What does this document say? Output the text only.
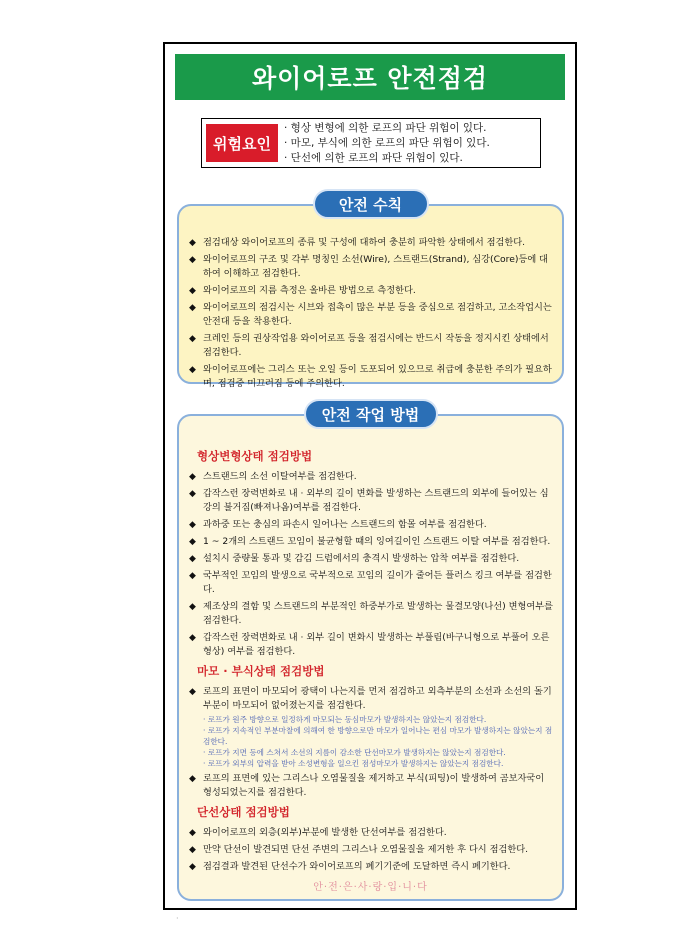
와이어로프 안전점검
위험요인
· 형상 변형에 의한 로프의 파단 위험이 있다.
· 마모, 부식에 의한 로프의 파단 위험이 있다.
· 단선에 의한 로프의 파단 위험이 있다.
안전 수칙
◆ 점검대상 와이어로프의 종류 및 구성에 대하여 충분히 파악한 상태에서 점검한다.
◆ 와이어로프의 구조 및 각부 명칭인 소선(Wire), 스트랜드(Strand), 심강(Core)등에 대하여 이해하고 점검한다.
◆ 와이어로프의 지름 측정은 올바른 방법으로 측정한다.
◆ 와이어로프의 점검시는 시브와 접촉이 많은 부분 등을 중심으로 점검하고, 고소작업시는 안전대 등을 착용한다.
◆ 크레인 등의 권상작업용 와이어로프 등을 점검시에는 반드시 작동을 정지시킨 상태에서 점검한다.
◆ 와이어로프에는 그리스 또는 오일 등이 도포되어 있으므로 취급에 충분한 주의가 필요하며, 점검중 미끄러짐 등에 주의한다.
안전 작업 방법
형상변형상태 점검방법
◆ 스트랜드의 소선 이탈여부를 점검한다.
◆ 갑작스런 장력변화로 내 · 외부의 길이 변화를 발생하는 스트랜드의 외부에 들어있는 심강의 불거짐(빠져나옴)여부를 점검한다.
◆ 과하중 또는 충심의 파손시 일어나는 스트랜드의 함몰 여부를 점검한다.
◆ 1 ~ 2개의 스트랜드 꼬임이 불균형할 때의 잉여길이인 스트랜드 이탈 여부를 점검한다.
◆ 설치시 중량물 통과 및 감김 드럼에서의 충격시 발생하는 압착 여부를 점검한다.
◆ 국부적인 꼬임의 발생으로 국부적으로 꼬임의 길이가 줄어든 플러스 킹크 여부를 점검한다.
◆ 제조상의 결함 및 스트랜드의 부분적인 하중부가로 발생하는 물결모양(나선) 변형여부를 점검한다.
◆ 갑작스런 장력변화로 내 · 외부 길이 변화시 발생하는 부풀림(바구니형으로 부풀어 오른 형상) 여부를 점검한다.
마모 · 부식상태 점검방법
◆ 로프의 표면이 마모되어 광택이 나는지를 먼저 점검하고 외측부분의 소선과 소선의 돌기 부분이 마모되어 없어졌는지를 점검한다.
· 로프가 원주 방향으로 일정하게 마모되는 동심마모가 발생하지는 않았는지 점검한다.
· 로프가 지속적인 부분마찰에 의해여 한 방향으로만 마모가 일어나는 편심 마모가 발생하지는 않았는지 점검한다.
· 로프가 지면 등에 스쳐서 소선의 지름이 감소한 단선마모가 발생하지는 않았는지 점검한다.
· 로프가 외부의 압력을 받아 소성변형을 일으킨 점성마모가 발생하지는 않았는지 점검한다.
◆ 로프의 표면에 있는 그리스나 오염물질을 제거하고 부식(피팅)이 발생하여 곰보자국이 형성되었는지를 점검한다.
단선상태 점검방법
◆ 와이어로프의 외층(외부)부분에 발생한 단선여부를 점검한다.
◆ 만약 단선이 발견되면 단선 주변의 그리스나 오염물질을 제거한 후 다시 점검한다.
◆ 점검결과 발견된 단선수가 와이어로프의 폐기기준에 도달하면 즉시 폐기한다.
안·전·은·사·랑·입·니·다
·
